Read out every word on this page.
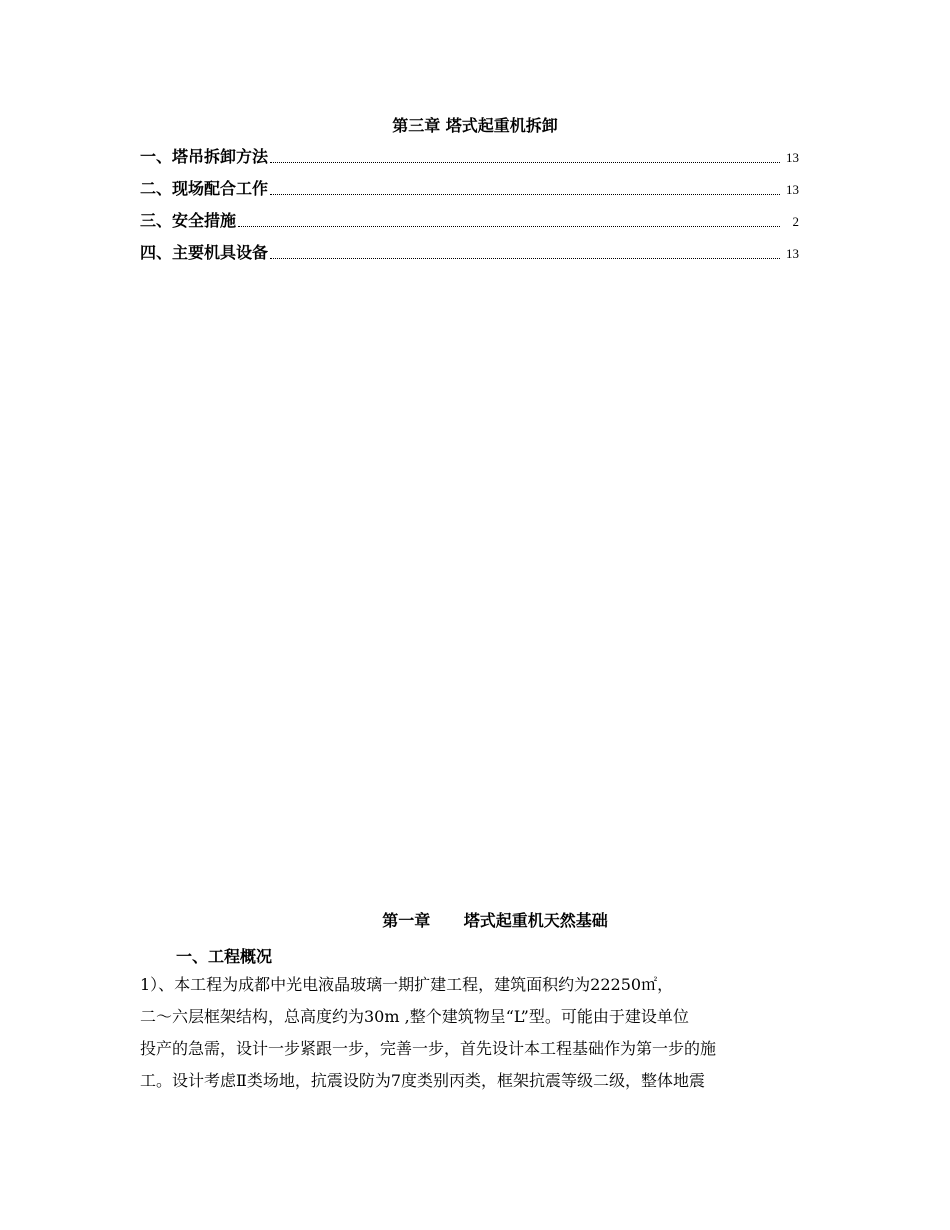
第三章 塔式起重机拆卸
一、塔吊拆卸方法	13
二、现场配合工作	13
三、安全措施	2
四、主要机具设备	13
第一章      塔式起重机天然基础
一、工程概况
1）、本工程为成都中光电液晶玻璃一期扩建工程，建筑面积约为22250㎡，
二～六层框架结构，总高度约为30m ,整个建筑物呈“L”型。可能由于建设单位
投产的急需，设计一步紧跟一步，完善一步，首先设计本工程基础作为第一步的施
工。设计考虑Ⅱ类场地，抗震设防为7度类别丙类，框架抗震等级二级，整体地震
